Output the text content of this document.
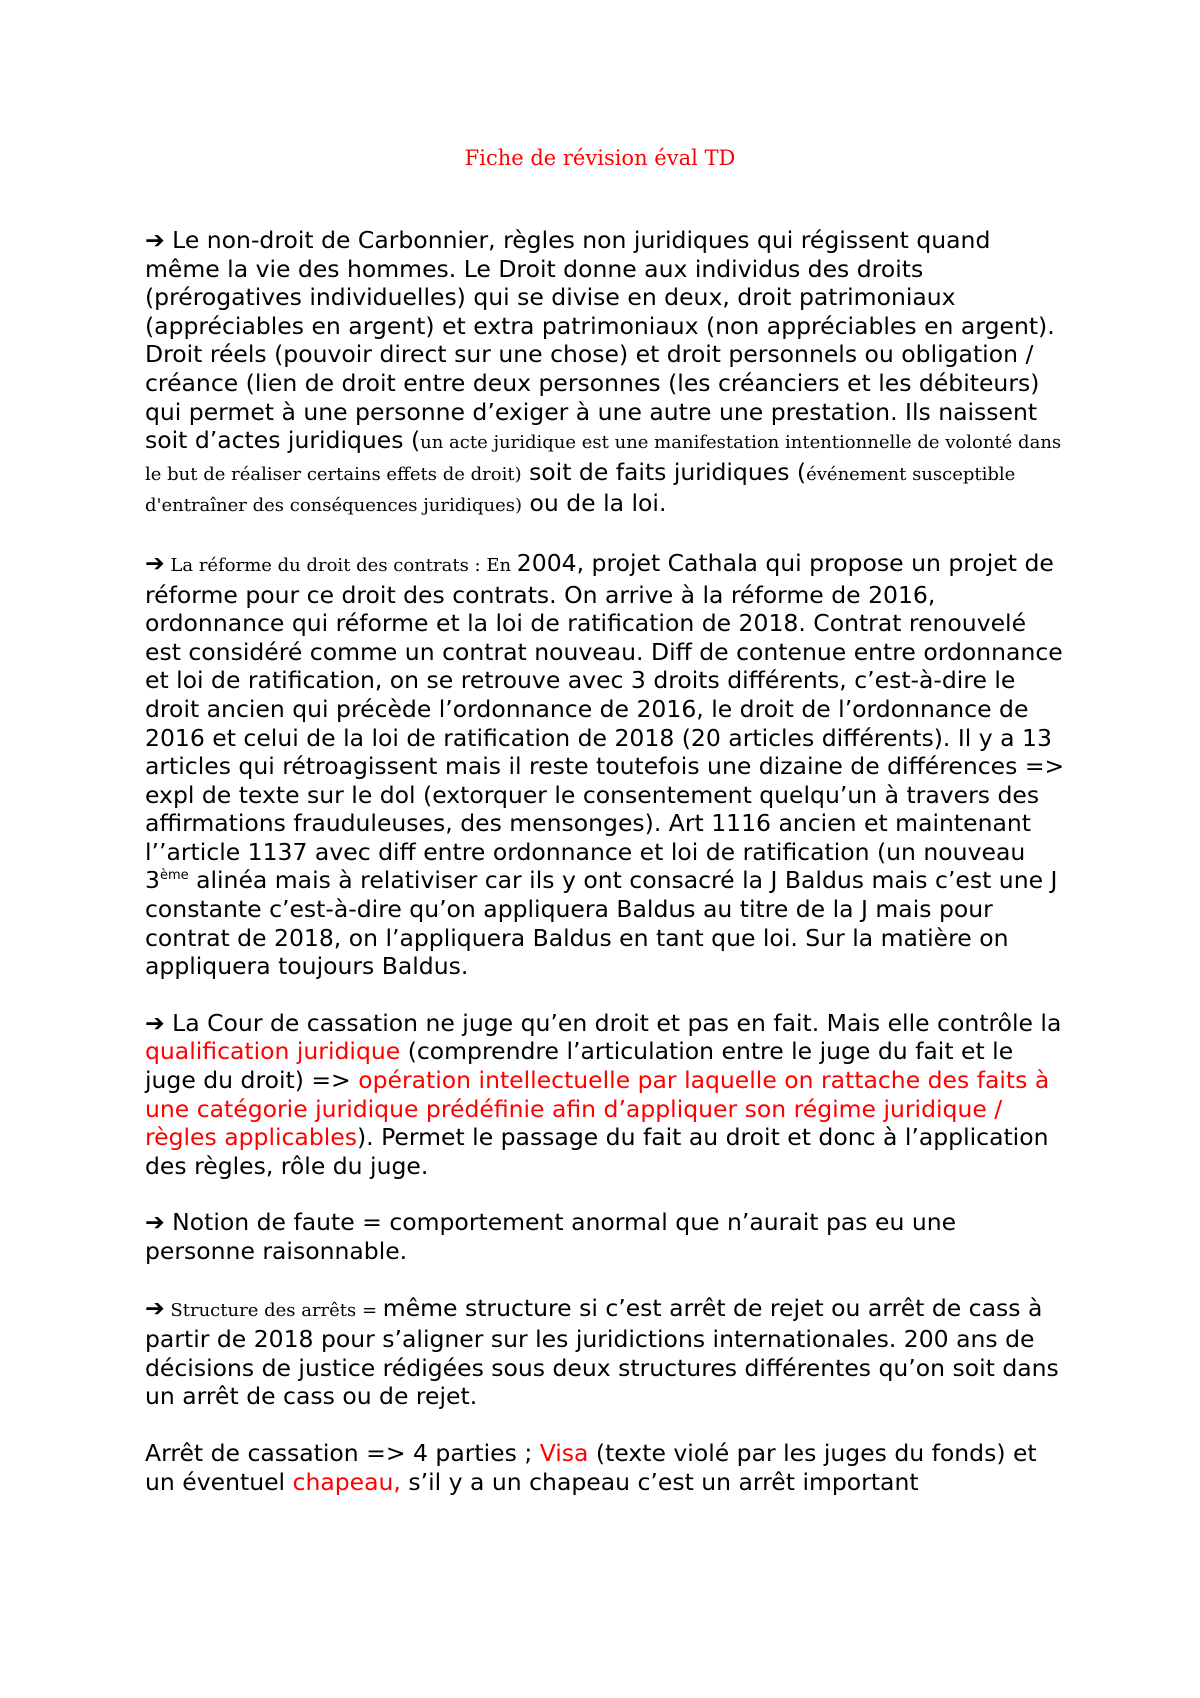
Fiche de révision éval TD

➔ Le non-droit de Carbonnier, règles non juridiques qui régissent quand même la vie des hommes. Le Droit donne aux individus des droits (prérogatives individuelles) qui se divise en deux, droit patrimoniaux (appréciables en argent) et extra patrimoniaux (non appréciables en argent). Droit réels (pouvoir direct sur une chose) et droit personnels ou obligation / créance (lien de droit entre deux personnes (les créanciers et les débiteurs) qui permet à une personne d’exiger à une autre une prestation. Ils naissent soit d’actes juridiques (un acte juridique est une manifestation intentionnelle de volonté dans le but de réaliser certains effets de droit) soit de faits juridiques (événement susceptible d'entraîner des conséquences juridiques) ou de la loi.

➔ La réforme du droit des contrats : En 2004, projet Cathala qui propose un projet de réforme pour ce droit des contrats. On arrive à la réforme de 2016, ordonnance qui réforme et la loi de ratification de 2018. Contrat renouvelé est considéré comme un contrat nouveau. Diff de contenue entre ordonnance et loi de ratification, on se retrouve avec 3 droits différents, c’est-à-dire le droit ancien qui précède l’ordonnance de 2016, le droit de l’ordonnance de 2016 et celui de la loi de ratification de 2018 (20 articles différents). Il y a 13 articles qui rétroagissent mais il reste toutefois une dizaine de différences => expl de texte sur le dol (extorquer le consentement quelqu’un à travers des affirmations frauduleuses, des mensonges). Art 1116 ancien et maintenant l’’article 1137 avec diff entre ordonnance et loi de ratification (un nouveau 3ème alinéa mais à relativiser car ils y ont consacré la J Baldus mais c’est une J constante c’est-à-dire qu’on appliquera Baldus au titre de la J mais pour contrat de 2018, on l’appliquera Baldus en tant que loi. Sur la matière on appliquera toujours Baldus.

➔ La Cour de cassation ne juge qu’en droit et pas en fait. Mais elle contrôle la qualification juridique (comprendre l’articulation entre le juge du fait et le juge du droit) => opération intellectuelle par laquelle on rattache des faits à une catégorie juridique prédéfinie afin d’appliquer son régime juridique / règles applicables). Permet le passage du fait au droit et donc à l’application des règles, rôle du juge.

➔ Notion de faute = comportement anormal que n’aurait pas eu une personne raisonnable.

➔ Structure des arrêts = même structure si c’est arrêt de rejet ou arrêt de cass à partir de 2018 pour s’aligner sur les juridictions internationales. 200 ans de décisions de justice rédigées sous deux structures différentes qu’on soit dans un arrêt de cass ou de rejet.

Arrêt de cassation => 4 parties ; Visa (texte violé par les juges du fonds) et un éventuel chapeau, s’il y a un chapeau c’est un arrêt important
